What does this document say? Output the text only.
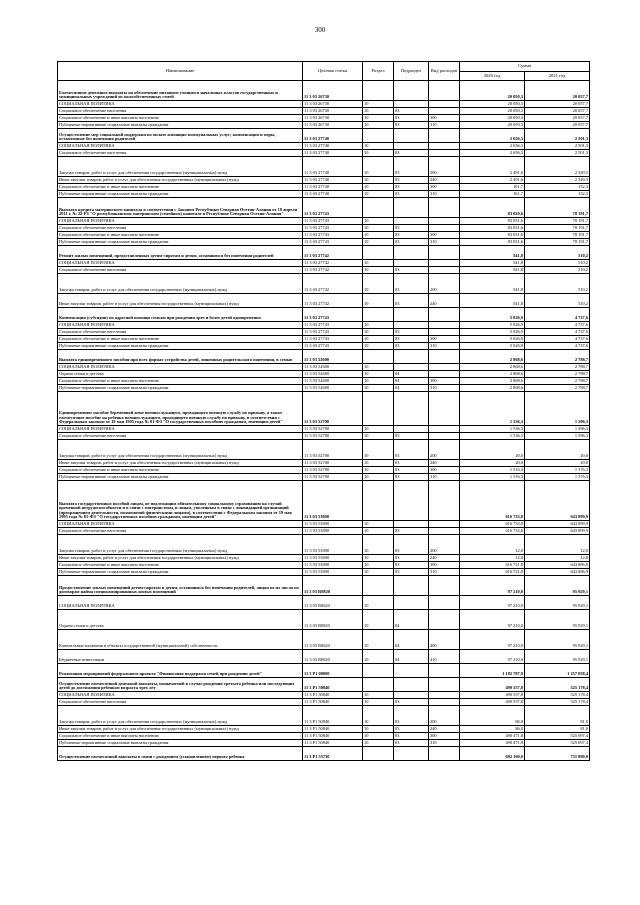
300
Наименование	Целевая статья	Раздел	Подраздел	Вид расходов	Сумма	
					2020 год	2021 год
Ежемесячные денежные выплаты на обеспечение питанием учащихся начальных классов государственных и муниципальных учреждений из малообеспеченных семей	11 3 03 26730				20 050,3	20 057,7
СОЦИАЛЬНАЯ ПОЛИТИКА	11 3 03 26730	10			20 050,3	20 057,7
Социальное обеспечение населения	11 3 03 26730	10	03		20 050,3	20 057,7
Социальное обеспечение и иные выплаты населению	11 3 03 26730	10	03	300	20 050,3	20 057,7
Публичные нормативные социальные выплаты гражданам	11 3 03 26730	10	03	310	20 050,3	20 057,7
Осуществление мер социальной поддержки по оплате жилищно-коммунальных услуг; компенсация и меры, оставленные без попечения родителей	11 3 03 27740				2 656,3	2 501,3
СОЦИАЛЬНАЯ ПОЛИТИКА	11 3 03 27740	10			2 656,3	2 501,3
Социальное обеспечение населения	11 3 03 27740	10	03		2 656,3	2 501,3
Закупка товаров, работ и услуг для обеспечения государственных (муниципальных) нужд	11 3 03 27740	10	03	200	2 491,6	2 349,5
Иные закупки товаров, работ и услуг для обеспечения государственных (муниципальных) нужд	11 3 03 27740	10	03	240	2 491,6	2 349,5
Социальное обеспечение и иные выплаты населению	11 3 03 27740	10	03	300	161,7	152,3
Публичные нормативные социальные выплаты гражданам	11 3 03 27740	10	03	310	161,7	152,3
Выплата кредита материнского капитала в соответствии с Законом Республики Северная Осетия-Алания от 18 апреля 2011 г. № 22-РЗ "О республиканском материнском (семейном) капитале в Республике Северная Осетия-Алания"	11 3 03 27743				83 020,6	78 191,7
СОЦИАЛЬНАЯ ПОЛИТИКА	11 3 03 27743	10			83 031,6	78 191,7
Социальное обеспечение населения	11 3 03 27743	10	03		83 031,6	78 191,7
Социальное обеспечение и иные выплаты населению	11 3 03 27743	10	03	300	83 031,6	78 191,7
Публичные нормативные социальные выплаты гражданам	11 3 03 27743	10	03	310	83 031,6	78 191,7
Ремонт жилых помещений, предоставленных детям-сиротам и детям, оставшимся без попечения родителей	11 3 03 27742				541,8	510,2
СОЦИАЛЬНАЯ ПОЛИТИКА	11 3 03 27742	10			541,8	510,2
Социальное обеспечение населения	11 3 03 27742	10	03		541,8	510,2
Закупка товаров, работ и услуг для обеспечения государственных (муниципальных) нужд	11 3 03 27742	10	03	200	541,8	510,2
Иные закупки товаров, работ и услуг для обеспечения государственных (муниципальных) нужд	11 3 03 27742	10	03	240	541,8	510,2
Компенсации (субсидии) по адресной помощи семьям при рождении трех и более детей одновременно	11 3 03 27743				5 026,9	4 737,6
СОЦИАЛЬНАЯ ПОЛИТИКА	11 3 03 27743	10			5 026,9	4 737,6
Социальное обеспечение населения	11 3 03 27743	10	03		5 026,9	4 737,6
Социальное обеспечение и иные выплаты населению	11 3 03 27743	10	03	300	5 026,9	4 737,6
Публичные нормативные социальные выплаты гражданам	11 3 03 27743	10	03	310	5 026,9	4 737,6
Выплата единовременного пособия при всех формах устройства детей, лишенных родительского попечения, в семью	11 3 03 52600				2 868,6	2 788,7
СОЦИАЛЬНАЯ ПОЛИТИКА	11 3 03 52600	10			2 868,6	2 788,7
Охрана семьи и детства	11 3 03 52600	10	04		2 868,6	2 788,7
Социальное обеспечение и иные выплаты населению	11 3 03 52600	10	04	300	2 868,6	2 788,7
Публичные нормативные социальные выплаты гражданам	11 3 03 52600	10	04	310	2 868,6	2 788,7
Единовременное пособие беременной жене военнослужащего, проходящего военную службу по призыву, а также ежемесячное пособие на ребенка военнослужащего, проходящего военную службу по призыву, в соответствии с Федеральным законом от 19 мая 1995 года № 81-ФЗ "О государственных пособиях гражданам, имеющим детей"	11 3 03 52700				1 536,3	1 596,3
СОЦИАЛЬНАЯ ПОЛИТИКА	11 3 03 52700	10			1 536,3	1 596,3
Социальное обеспечение населения	11 3 03 52700	10	03		1 536,3	1 596,3
Закупка товаров, работ и услуг для обеспечения государственных (муниципальных) нужд	11 3 03 52700	10	03	200	20,0	20,0
Иные закупки товаров, работ и услуг для обеспечения государственных (муниципальных) нужд	11 3 03 52700	10	03	240	20,0	20,0
Социальное обеспечение и иные выплаты населению	11 3 03 52700	10	03	300	1 516,3	1 576,3
Публичные нормативные социальные выплаты гражданам	11 3 03 52700	10	03	310	1 516,3	1 576,3
Выплата государственных пособий лицам, не подлежащим обязательному социальному страхованию на случай временной нетрудоспособности и в связи с материнством, и лицам, уволенным в связи с ликвидацией организаций (прекращением деятельности, полномочий физическими лицами), в соответствии с Федеральным законом от 19 мая 1995 года № 81-ФЗ "О государственных пособиях гражданам, имеющим детей"	11 3 03 53800				616 733,8	643 899,9
СОЦИАЛЬНАЯ ПОЛИТИКА	11 3 03 53800	10			616 733,8	643 899,9
Социальное обеспечение населения	11 3 03 53800	10	03		616 733,8	643 899,9
Закупка товаров, работ и услуг для обеспечения государственных (муниципальных) нужд	11 3 03 53800	10	03	200	12,0	12,0
Иные закупки товаров, работ и услуг для обеспечения государственных (муниципальных) нужд	11 3 03 53800	10	03	240	12,0	12,0
Социальное обеспечение и иные выплаты населению	11 3 03 53800	10	03	300	616 721,8	643 886,9
Публичные нормативные социальные выплаты гражданам	11 3 03 53800	10	03	310	616 721,8	643 886,9
Предоставление жилых помещений детям-сиротам и детям, оставшимся без попечения родителей, лицам из их числа по договорам найма специализированных жилых помещений	11 3 03 R0820				97 210,0	95 929,1
СОЦИАЛЬНАЯ ПОЛИТИКА	11 3 03 R0820	10			97 210,0	95 929,1
Охрана семьи и детства	11 3 03 R0820	10	04		97 210,0	95 929,1
Капитальные вложения в объекты государственной (муниципальной) собственности	11 3 03 R0820	10	04	400	97 210,0	95 929,1
Бюджетные инвестиции	11 3 03 R0820	10	04	410	97 210,0	95 929,1
Реализация мероприятий федерального проекта "Финансовая поддержка семей при рождении детей"	11 3 P1 00000				1 182 787,9	1 257 058,4
Осуществление ежемесячной денежной выплаты, назначаемой в случае рождения третьего ребенка или последующих детей до достижения ребенком возраста трех лет	11 3 P1 50840				490 557,8	525 178,4
СОЦИАЛЬНАЯ ПОЛИТИКА	11 3 P1 50840	10			490 557,8	525 178,4
Социальное обеспечение населения	11 3 P1 50840	10	03		490 557,8	525 178,4
Закупка товаров, работ и услуг для обеспечения государственных (муниципальных) нужд	11 3 P1 50840	10	03	200	86,0	81,0
Иные закупки товаров, работ и услуг для обеспечения государственных (муниципальных) нужд	11 3 P1 50840	10	03	240	86,0	81,0
Социальное обеспечение и иные выплаты населению	11 3 P1 50840	10	03	300	490 471,8	525 097,4
Публичные нормативные социальные выплаты гражданам	11 3 P1 50840	10	03	310	490 471,8	525 097,4
Осуществление ежемесячной выплаты в связи с рождением (усыновлением) первого ребенка	11 3 P1 55730				692 160,0	731 880,0
